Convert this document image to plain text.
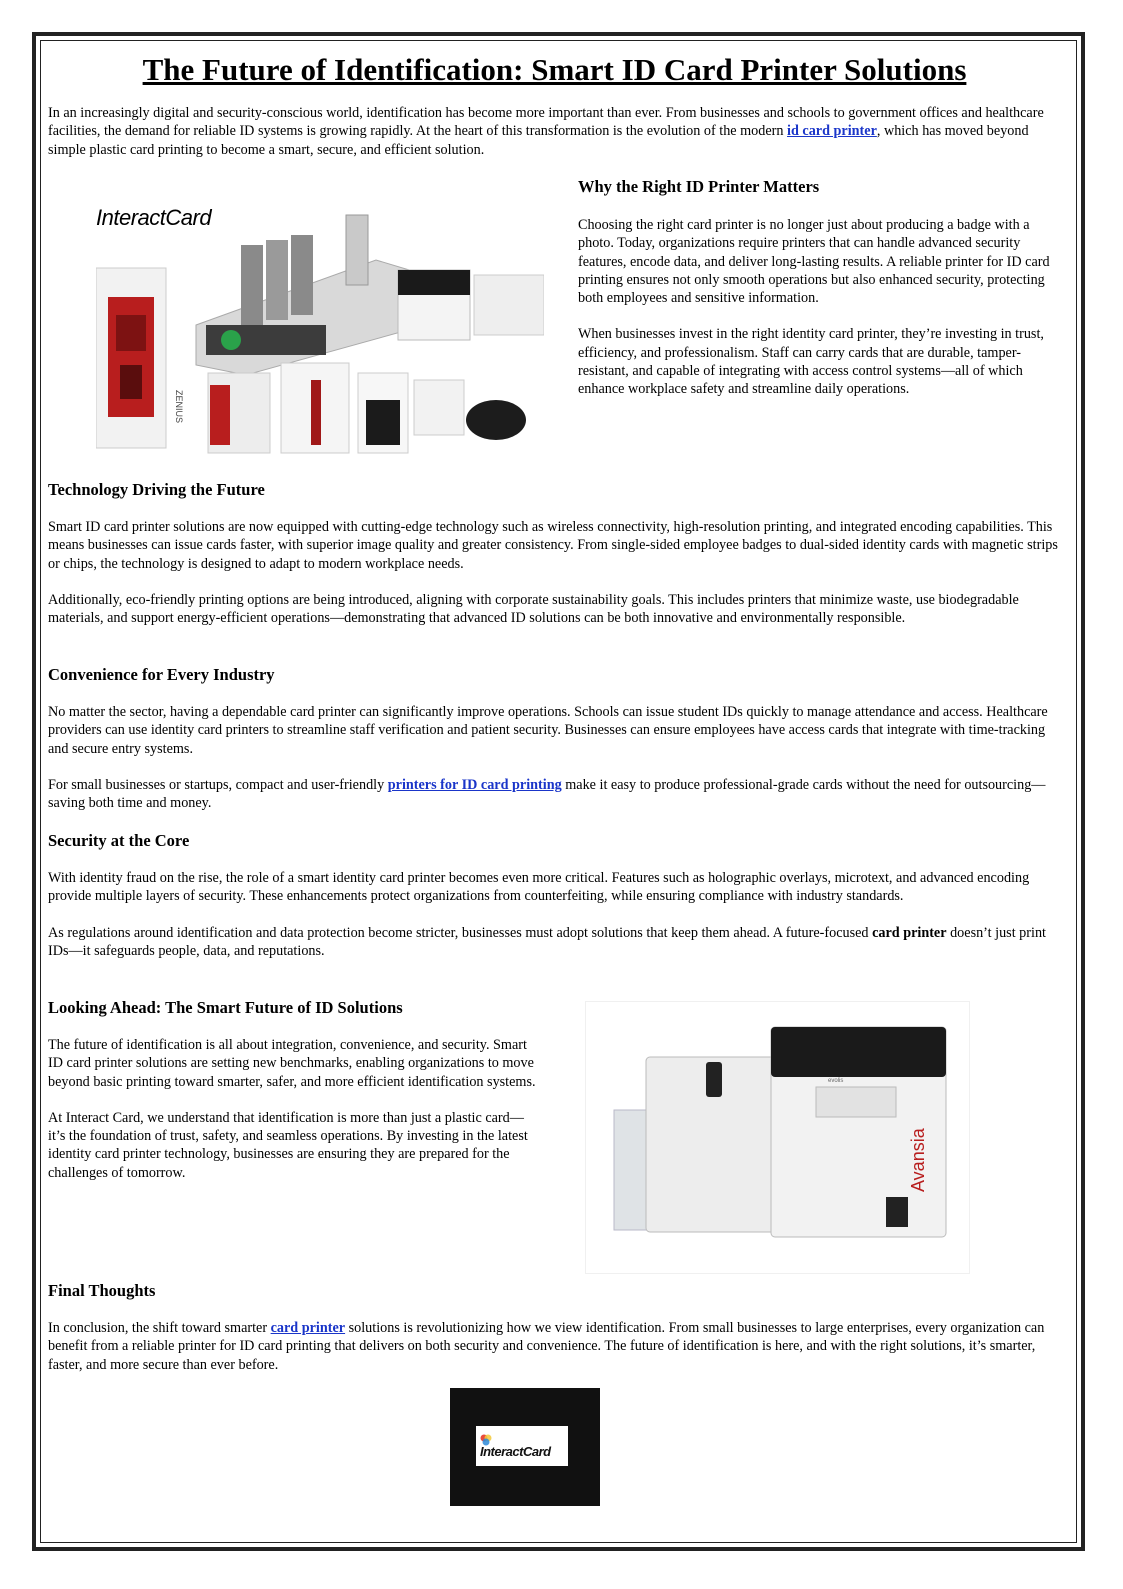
The Future of Identification: Smart ID Card Printer Solutions

In an increasingly digital and security-conscious world, identification has become more important than ever. From businesses and schools to government offices and healthcare facilities, the demand for reliable ID systems is growing rapidly. At the heart of this transformation is the evolution of the modern id card printer, which has moved beyond simple plastic card printing to become a smart, secure, and efficient solution.

ZENIUS
InteractCard
Why the Right ID Printer Matters

Choosing the right card printer is no longer just about producing a badge with a photo. Today, organizations require printers that can handle advanced security features, encode data, and deliver long-lasting results. A reliable printer for ID card printing ensures not only smooth operations but also enhanced security, protecting both employees and sensitive information.

When businesses invest in the right identity card printer, they’re investing in trust, efficiency, and professionalism. Staff can carry cards that are durable, tamper-resistant, and capable of integrating with access control systems—all of which enhance workplace safety and streamline daily operations.

Technology Driving the Future

Smart ID card printer solutions are now equipped with cutting-edge technology such as wireless connectivity, high-resolution printing, and integrated encoding capabilities. This means businesses can issue cards faster, with superior image quality and greater consistency. From single-sided employee badges to dual-sided identity cards with magnetic strips or chips, the technology is designed to adapt to modern workplace needs.

Additionally, eco-friendly printing options are being introduced, aligning with corporate sustainability goals. This includes printers that minimize waste, use biodegradable materials, and support energy-efficient operations—demonstrating that advanced ID solutions can be both innovative and environmentally responsible.

Convenience for Every Industry

No matter the sector, having a dependable card printer can significantly improve operations. Schools can issue student IDs quickly to manage attendance and access. Healthcare providers can use identity card printers to streamline staff verification and patient security. Businesses can ensure employees have access cards that integrate with time-tracking and secure entry systems.

For small businesses or startups, compact and user-friendly printers for ID card printing make it easy to produce professional-grade cards without the need for outsourcing—saving both time and money.

Security at the Core

With identity fraud on the rise, the role of a smart identity card printer becomes even more critical. Features such as holographic overlays, microtext, and advanced encoding provide multiple layers of security. These enhancements protect organizations from counterfeiting, while ensuring compliance with industry standards.

As regulations around identification and data protection become stricter, businesses must adopt solutions that keep them ahead. A future-focused card printer doesn’t just print IDs—it safeguards people, data, and reputations.

Looking Ahead: The Smart Future of ID Solutions

The future of identification is all about integration, convenience, and security. Smart ID card printer solutions are setting new benchmarks, enabling organizations to move beyond basic printing toward smarter, safer, and more efficient identification systems.

At Interact Card, we understand that identification is more than just a plastic card—it’s the foundation of trust, safety, and seamless operations. By investing in the latest identity card printer technology, businesses are ensuring they are prepared for the challenges of tomorrow.

evolis
Avansia
Final Thoughts

In conclusion, the shift toward smarter card printer solutions is revolutionizing how we view identification. From small businesses to large enterprises, every organization can benefit from a reliable printer for ID card printing that delivers on both security and convenience. The future of identification is here, and with the right solutions, it’s smarter, faster, and more secure than ever before.

InteractCard
